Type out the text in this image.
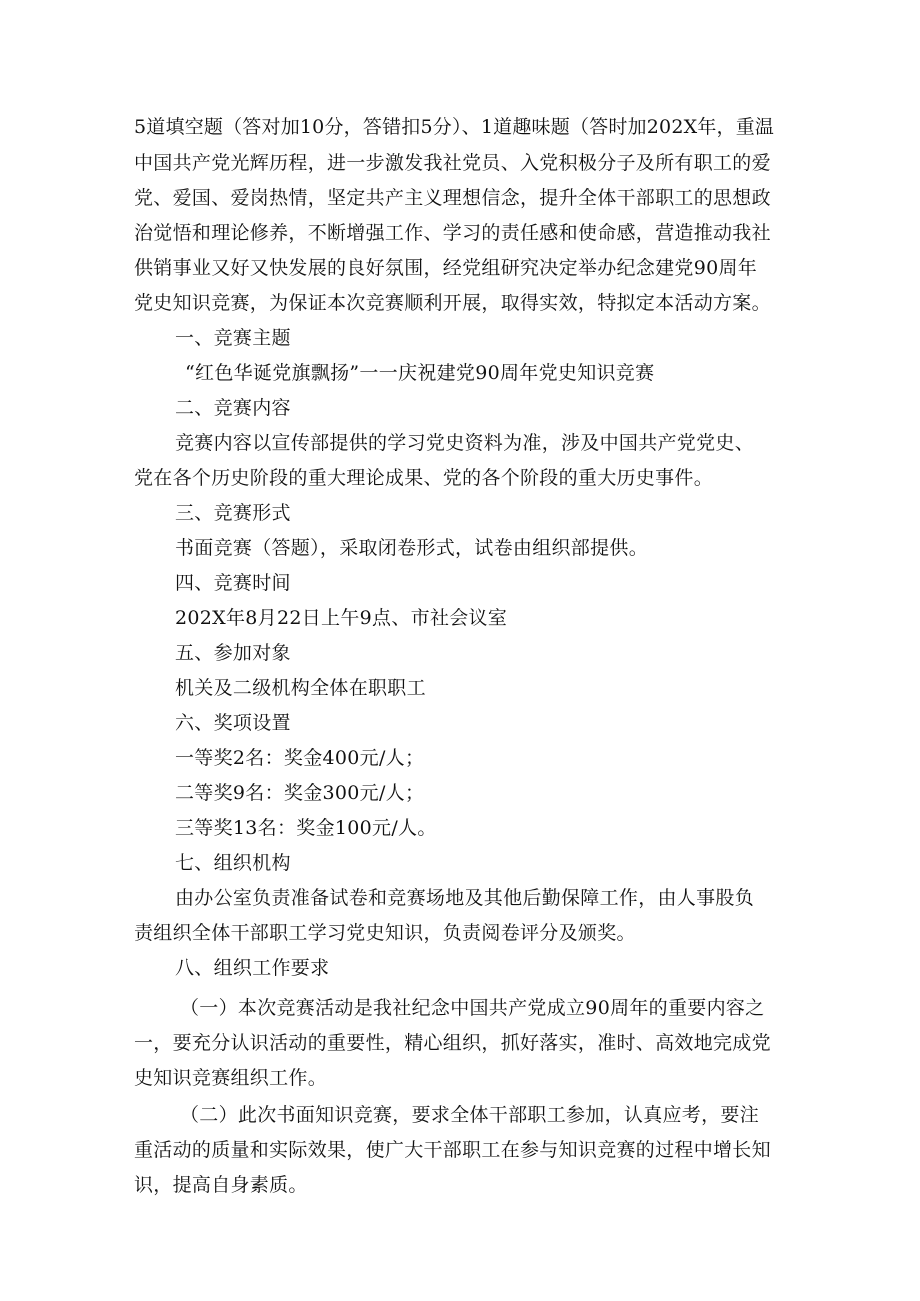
5道填空题（答对加10分，答错扣5分）、1道趣味题（答时加202X年，重温
中国共产党光辉历程，进一步激发我社党员、入党积极分子及所有职工的爱
党、爱国、爱岗热情，坚定共产主义理想信念，提升全体干部职工的思想政
治觉悟和理论修养，不断增强工作、学习的责任感和使命感，营造推动我社
供销事业又好又快发展的良好氛围，经党组研究决定举办纪念建党90周年
党史知识竞赛，为保证本次竞赛顺利开展，取得实效，特拟定本活动方案。
一、竞赛主题
“红色华诞党旗飘扬”一一庆祝建党90周年党史知识竞赛
二、竞赛内容
竞赛内容以宣传部提供的学习党史资料为准，涉及中国共产党党史、
党在各个历史阶段的重大理论成果、党的各个阶段的重大历史事件。
三、竞赛形式
书面竞赛（答题），采取闭卷形式，试卷由组织部提供。
四、竞赛时间
202X年8月22日上午9点、市社会议室
五、参加对象
机关及二级机构全体在职职工
六、奖项设置
一等奖2名：奖金400元/人；
二等奖9名：奖金300元/人；
三等奖13名：奖金100元/人。
七、组织机构
由办公室负责准备试卷和竞赛场地及其他后勤保障工作，由人事股负
责组织全体干部职工学习党史知识，负责阅卷评分及颁奖。
八、组织工作要求
（一）本次竞赛活动是我社纪念中国共产党成立90周年的重要内容之
一，要充分认识活动的重要性，精心组织，抓好落实，准时、高效地完成党
史知识竞赛组织工作。
（二）此次书面知识竞赛，要求全体干部职工参加，认真应考，要注
重活动的质量和实际效果，使广大干部职工在参与知识竞赛的过程中增长知
识，提高自身素质。
